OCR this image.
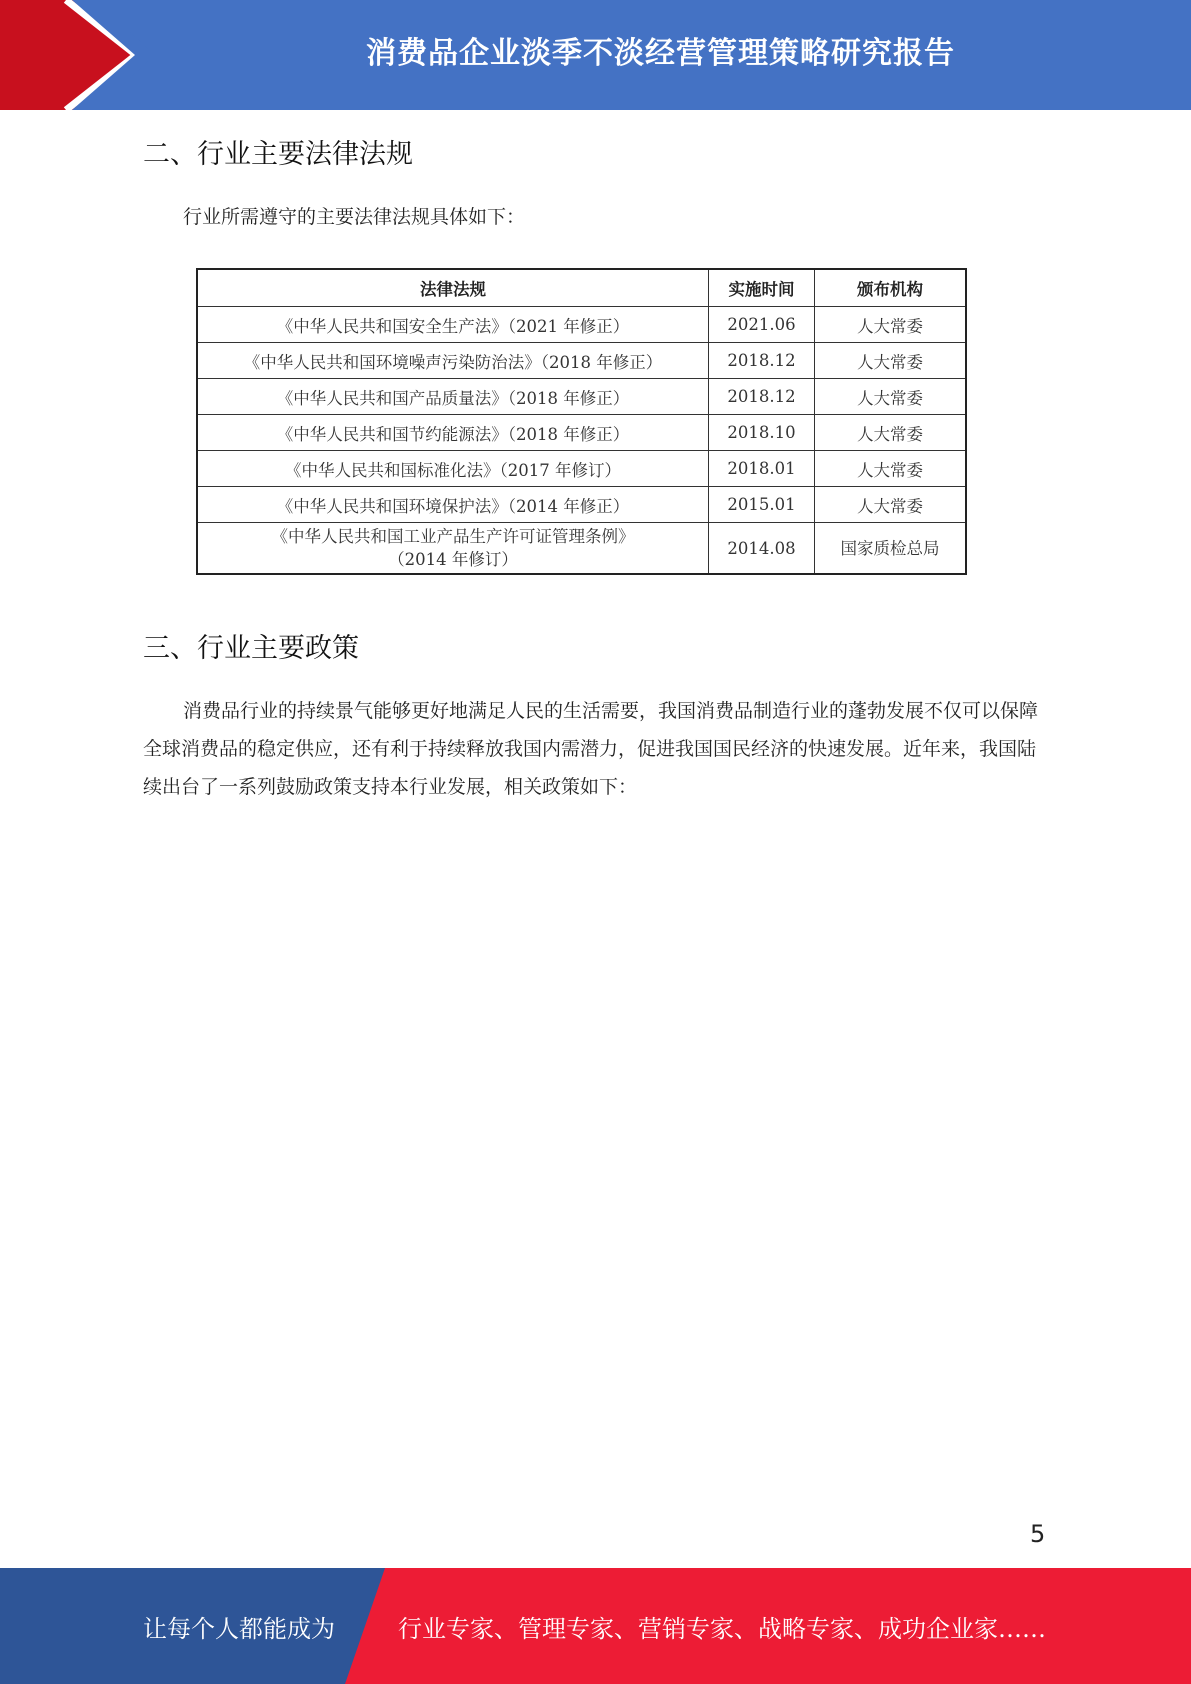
消费品企业淡季不淡经营管理策略研究报告
二、行业主要法律法规
行业所需遵守的主要法律法规具体如下：
法律法规	实施时间	颁布机构
《中华人民共和国安全生产法》（2021 年修正）	2021.06	人大常委
《中华人民共和国环境噪声污染防治法》（2018 年修正）	2018.12	人大常委
《中华人民共和国产品质量法》（2018 年修正）	2018.12	人大常委
《中华人民共和国节约能源法》（2018 年修正）	2018.10	人大常委
《中华人民共和国标准化法》（2017 年修订）	2018.01	人大常委
《中华人民共和国环境保护法》（2014 年修正）	2015.01	人大常委

《中华人民共和国工业产品生产许可证管理条例》
（2014 年修订）	2014.08	国家质检总局
三、行业主要政策
消费品行业的持续景气能够更好地满足人民的生活需要，我国消费品制造行业的蓬勃发展不仅可以保障全球消费品的稳定供应，还有利于持续释放我国内需潜力，促进我国国民经济的快速发展。近年来，我国陆续出台了一系列鼓励政策支持本行业发展，相关政策如下：
5
让每个人都能成为	行业专家、管理专家、营销专家、战略专家、成功企业家……
